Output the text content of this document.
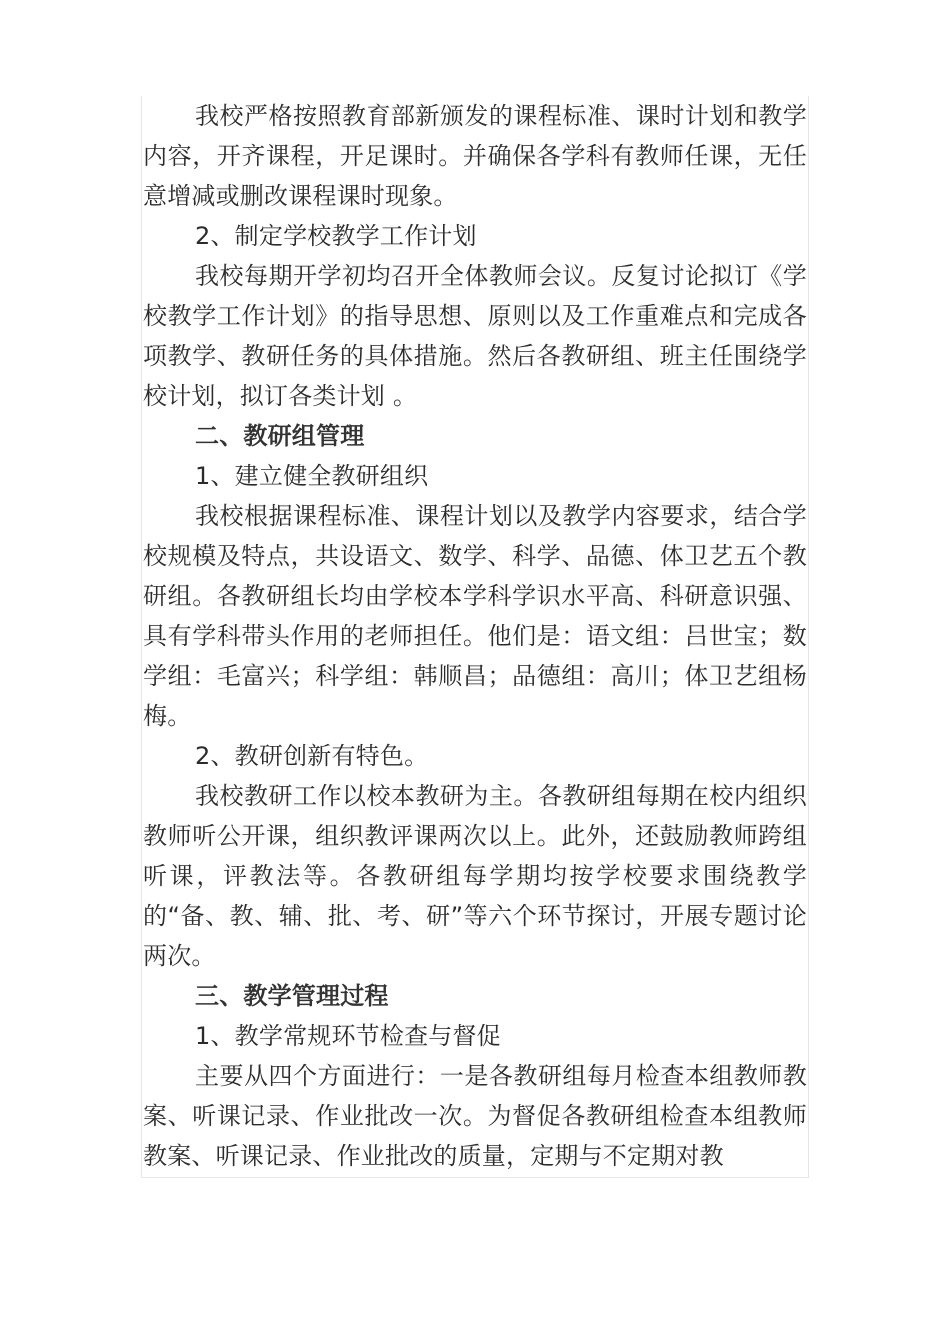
我校严格按照教育部新颁发的课程标准、课时计划和教学内容，开齐课程，开足课时。并确保各学科有教师任课，无任意增减或删改课程课时现象。

2、制定学校教学工作计划

我校每期开学初均召开全体教师会议。反复讨论拟订《学校教学工作计划》的指导思想、原则以及工作重难点和完成各项教学、教研任务的具体措施。然后各教研组、班主任围绕学校计划，拟订各类计划 。

二、教研组管理

1、建立健全教研组织

我校根据课程标准、课程计划以及教学内容要求，结合学校规模及特点，共设语文、数学、科学、品德、体卫艺五个教研组。各教研组长均由学校本学科学识水平高、科研意识强、具有学科带头作用的老师担任。他们是：语文组：吕世宝；数学组：毛富兴；科学组：韩顺昌；品德组：高川；体卫艺组杨梅。

2、教研创新有特色。

我校教研工作以校本教研为主。各教研组每期在校内组织教师听公开课，组织教评课两次以上。此外，还鼓励教师跨组听课，评教法等。各教研组每学期均按学校要求围绕教学的“备、教、辅、批、考、研”等六个环节探讨，开展专题讨论两次。

三、教学管理过程

1、教学常规环节检查与督促

主要从四个方面进行：一是各教研组每月检查本组教师教案、听课记录、作业批改一次。为督促各教研组检查本组教师教案、听课记录、作业批改的质量，定期与不定期对教
